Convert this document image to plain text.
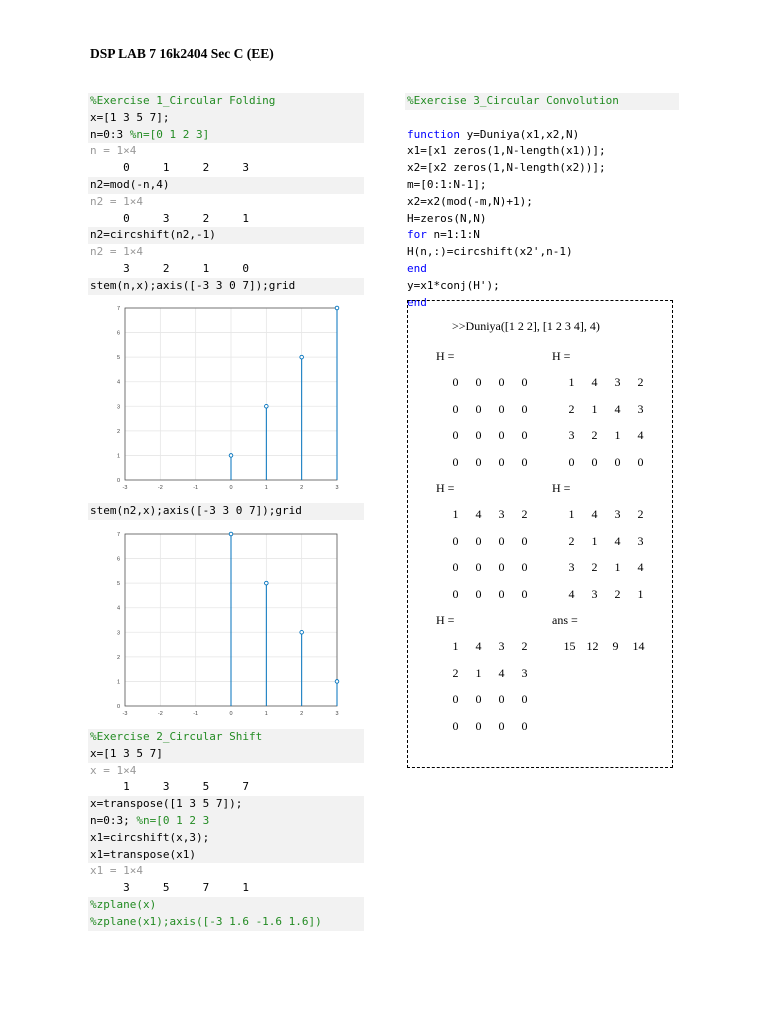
DSP LAB 7 16k2404 Sec C (EE)
%Exercise 1_Circular Folding
x=[1 3 5 7];
n=0:3 %n=[0 1 2 3]
n = 1×4
0     1     2     3
n2=mod(-n,4)
n2 = 1×4
0     3     2     1
n2=circshift(n2,-1)
n2 = 1×4
3     2     1     0
stem(n,x);axis([-3 3 0 7]);grid
-3	-2	-1	0	1	2	3
0
1
2
3
4
5
6
7
stem(n2,x);axis([-3 3 0 7]);grid
-3	-2	-1	0	1	2	3
0
1
2
3
4
5
6
7
%Exercise 2_Circular Shift
x=[1 3 5 7]
x = 1×4
1     3     5     7
x=transpose([1 3 5 7]);
n=0:3; %n=[0 1 2 3
x1=circshift(x,3);
x1=transpose(x1)
x1 = 1×4
3     5     7     1
%zplane(x)
%zplane(x1);axis([-3 1.6 -1.6 1.6])
%Exercise 3_Circular Convolution
function y=Duniya(x1,x2,N)
x1=[x1 zeros(1,N-length(x1))];
x2=[x2 zeros(1,N-length(x2))];
m=[0:1:N-1];
x2=x2(mod(-m,N)+1);
H=zeros(N,N)
for n=1:1:N
H(n,:)=circshift(x2',n-1)
end
y=x1*conj(H');
end
>>Duniya([1 2 2], [1 2 3 4], 4)
H =
0 0 0 0
0 0 0 0
0 0 0 0
0 0 0 0
H =
1 4 3 2
0 0 0 0
0 0 0 0
0 0 0 0
H =
1 4 3 2
2 1 4 3
0 0 0 0
0 0 0 0
H =
1 4 3 2
2 1 4 3
3 2 1 4
0 0 0 0
H =
1 4 3 2
2 1 4 3
3 2 1 4
4 3 2 1
ans =
15 12 9 14
